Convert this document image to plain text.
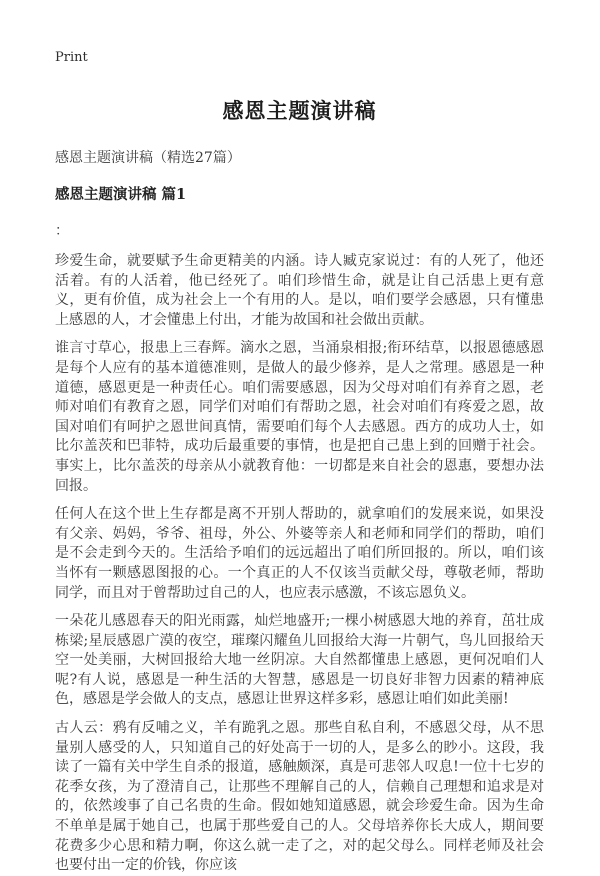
Print
感恩主题演讲稿
感恩主题演讲稿（精选27篇）
感恩主题演讲稿 篇1
：

珍爱生命，就要赋予生命更精美的内涵。诗人臧克家说过：有的人死了，他还活着。有的人活着，他已经死了。咱们珍惜生命，就是让自己活患上更有意义，更有价值，成为社会上一个有用的人。是以，咱们要学会感恩，只有懂患上感恩的人，才会懂患上付出，才能为故国和社会做出贡献。

谁言寸草心，报患上三春辉。滴水之恩，当涌泉相报;衔环结草，以报恩德感恩是每个人应有的基本道德准则，是做人的最少修养，是人之常理。感恩是一种道德，感恩更是一种责任心。咱们需要感恩，因为父母对咱们有养育之恩，老师对咱们有教育之恩，同学们对咱们有帮助之恩，社会对咱们有疼爱之恩，故国对咱们有呵护之恩世间真情，需要咱们每个人去感恩。西方的成功人士，如比尔盖茨和巴菲特，成功后最重要的事情，也是把自己患上到的回赠于社会。事实上，比尔盖茨的母亲从小就教育他：一切都是来自社会的恩惠，要想办法回报。

任何人在这个世上生存都是离不开别人帮助的，就拿咱们的发展来说，如果没有父亲、妈妈，爷爷、祖母，外公、外婆等亲人和老师和同学们的帮助，咱们是不会走到今天的。生活给予咱们的远远超出了咱们所回报的。所以，咱们该当怀有一颗感恩图报的心。一个真正的人不仅该当贡献父母，尊敬老师，帮助同学，而且对于曾帮助过自己的人，也应表示感激，不该忘恩负义。

一朵花儿感恩春天的阳光雨露，灿烂地盛开;一棵小树感恩大地的养育，茁壮成栋梁;星辰感恩广漠的夜空，璀璨闪耀鱼儿回报给大海一片朝气，鸟儿回报给天空一处美丽，大树回报给大地一丝阴凉。大自然都懂患上感恩，更何况咱们人呢?有人说，感恩是一种生活的大智慧，感恩是一切良好非智力因素的精神底色，感恩是学会做人的支点，感恩让世界这样多彩，感恩让咱们如此美丽!

古人云：鸦有反哺之义，羊有跪乳之恩。那些自私自利，不感恩父母，从不思量别人感受的人，只知道自己的好处高于一切的人，是多么的眇小。这段，我读了一篇有关中学生自杀的报道，感触颇深，真是可悲邻人叹息!一位十七岁的花季女孩，为了澄清自己，让那些不理解自己的人，信赖自己理想和追求是对的，依然竣事了自己名贵的生命。假如她知道感恩，就会珍爱生命。因为生命不单单是属于她自己，也属于那些爱自己的人。父母培养你长大成人，期间要花费多少心思和精力啊，你这么就一走了之，对的起父母么。同样老师及社会也要付出一定的价钱，你应该
